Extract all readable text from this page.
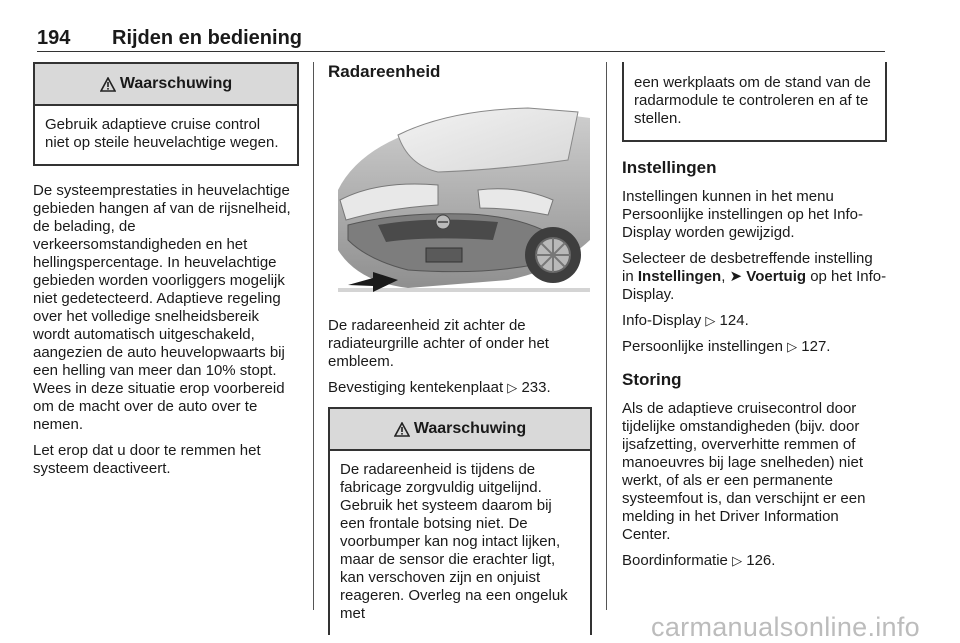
194 Rijden en bediening
Waarschuwing
Gebruik adaptieve cruise control niet op steile heuvelachtige wegen.

De systeemprestaties in heuvelachtige gebieden hangen af van de rijsnelheid, de belading, de verkeersomstandigheden en het hellingspercentage. In heuvelachtige gebieden worden voorliggers mogelijk niet gedetecteerd. Adaptieve regeling over het volledige snelheidsbereik wordt automatisch uitgeschakeld, aangezien de auto heuvelopwaarts bij een helling van meer dan 10% stopt. Wees in deze situatie erop voorbereid om de macht over de auto over te nemen.

Let erop dat u door te remmen het systeem deactiveert.

Radareenheid

De radareenheid zit achter de radiateurgrille achter of onder het embleem.

Bevestiging kentekenplaat ▷ 233.

Waarschuwing
De radareenheid is tijdens de fabricage zorgvuldig uitgelijnd. Gebruik het systeem daarom bij een frontale botsing niet. De voorbumper kan nog intact lijken, maar de sensor die erachter ligt, kan verschoven zijn en onjuist reageren. Overleg na een ongeluk met
een werkplaats om de stand van de radarmodule te controleren en af te stellen.
Instellingen

Instellingen kunnen in het menu Persoonlijke instellingen op het Info-Display worden gewijzigd.

Selecteer de desbetreffende instelling in Instellingen, ➤ Voertuig op het Info-Display.

Info-Display ▷ 124.

Persoonlijke instellingen ▷ 127.

Storing

Als de adaptieve cruisecontrol door tijdelijke omstandigheden (bijv. door ijsafzetting, oververhitte remmen of manoeuvres bij lage snelheden) niet werkt, of als er een permanente systeemfout is, dan verschijnt er een melding in het Driver Information Center.

Boordinformatie ▷ 126.

carmanualsonline.info
